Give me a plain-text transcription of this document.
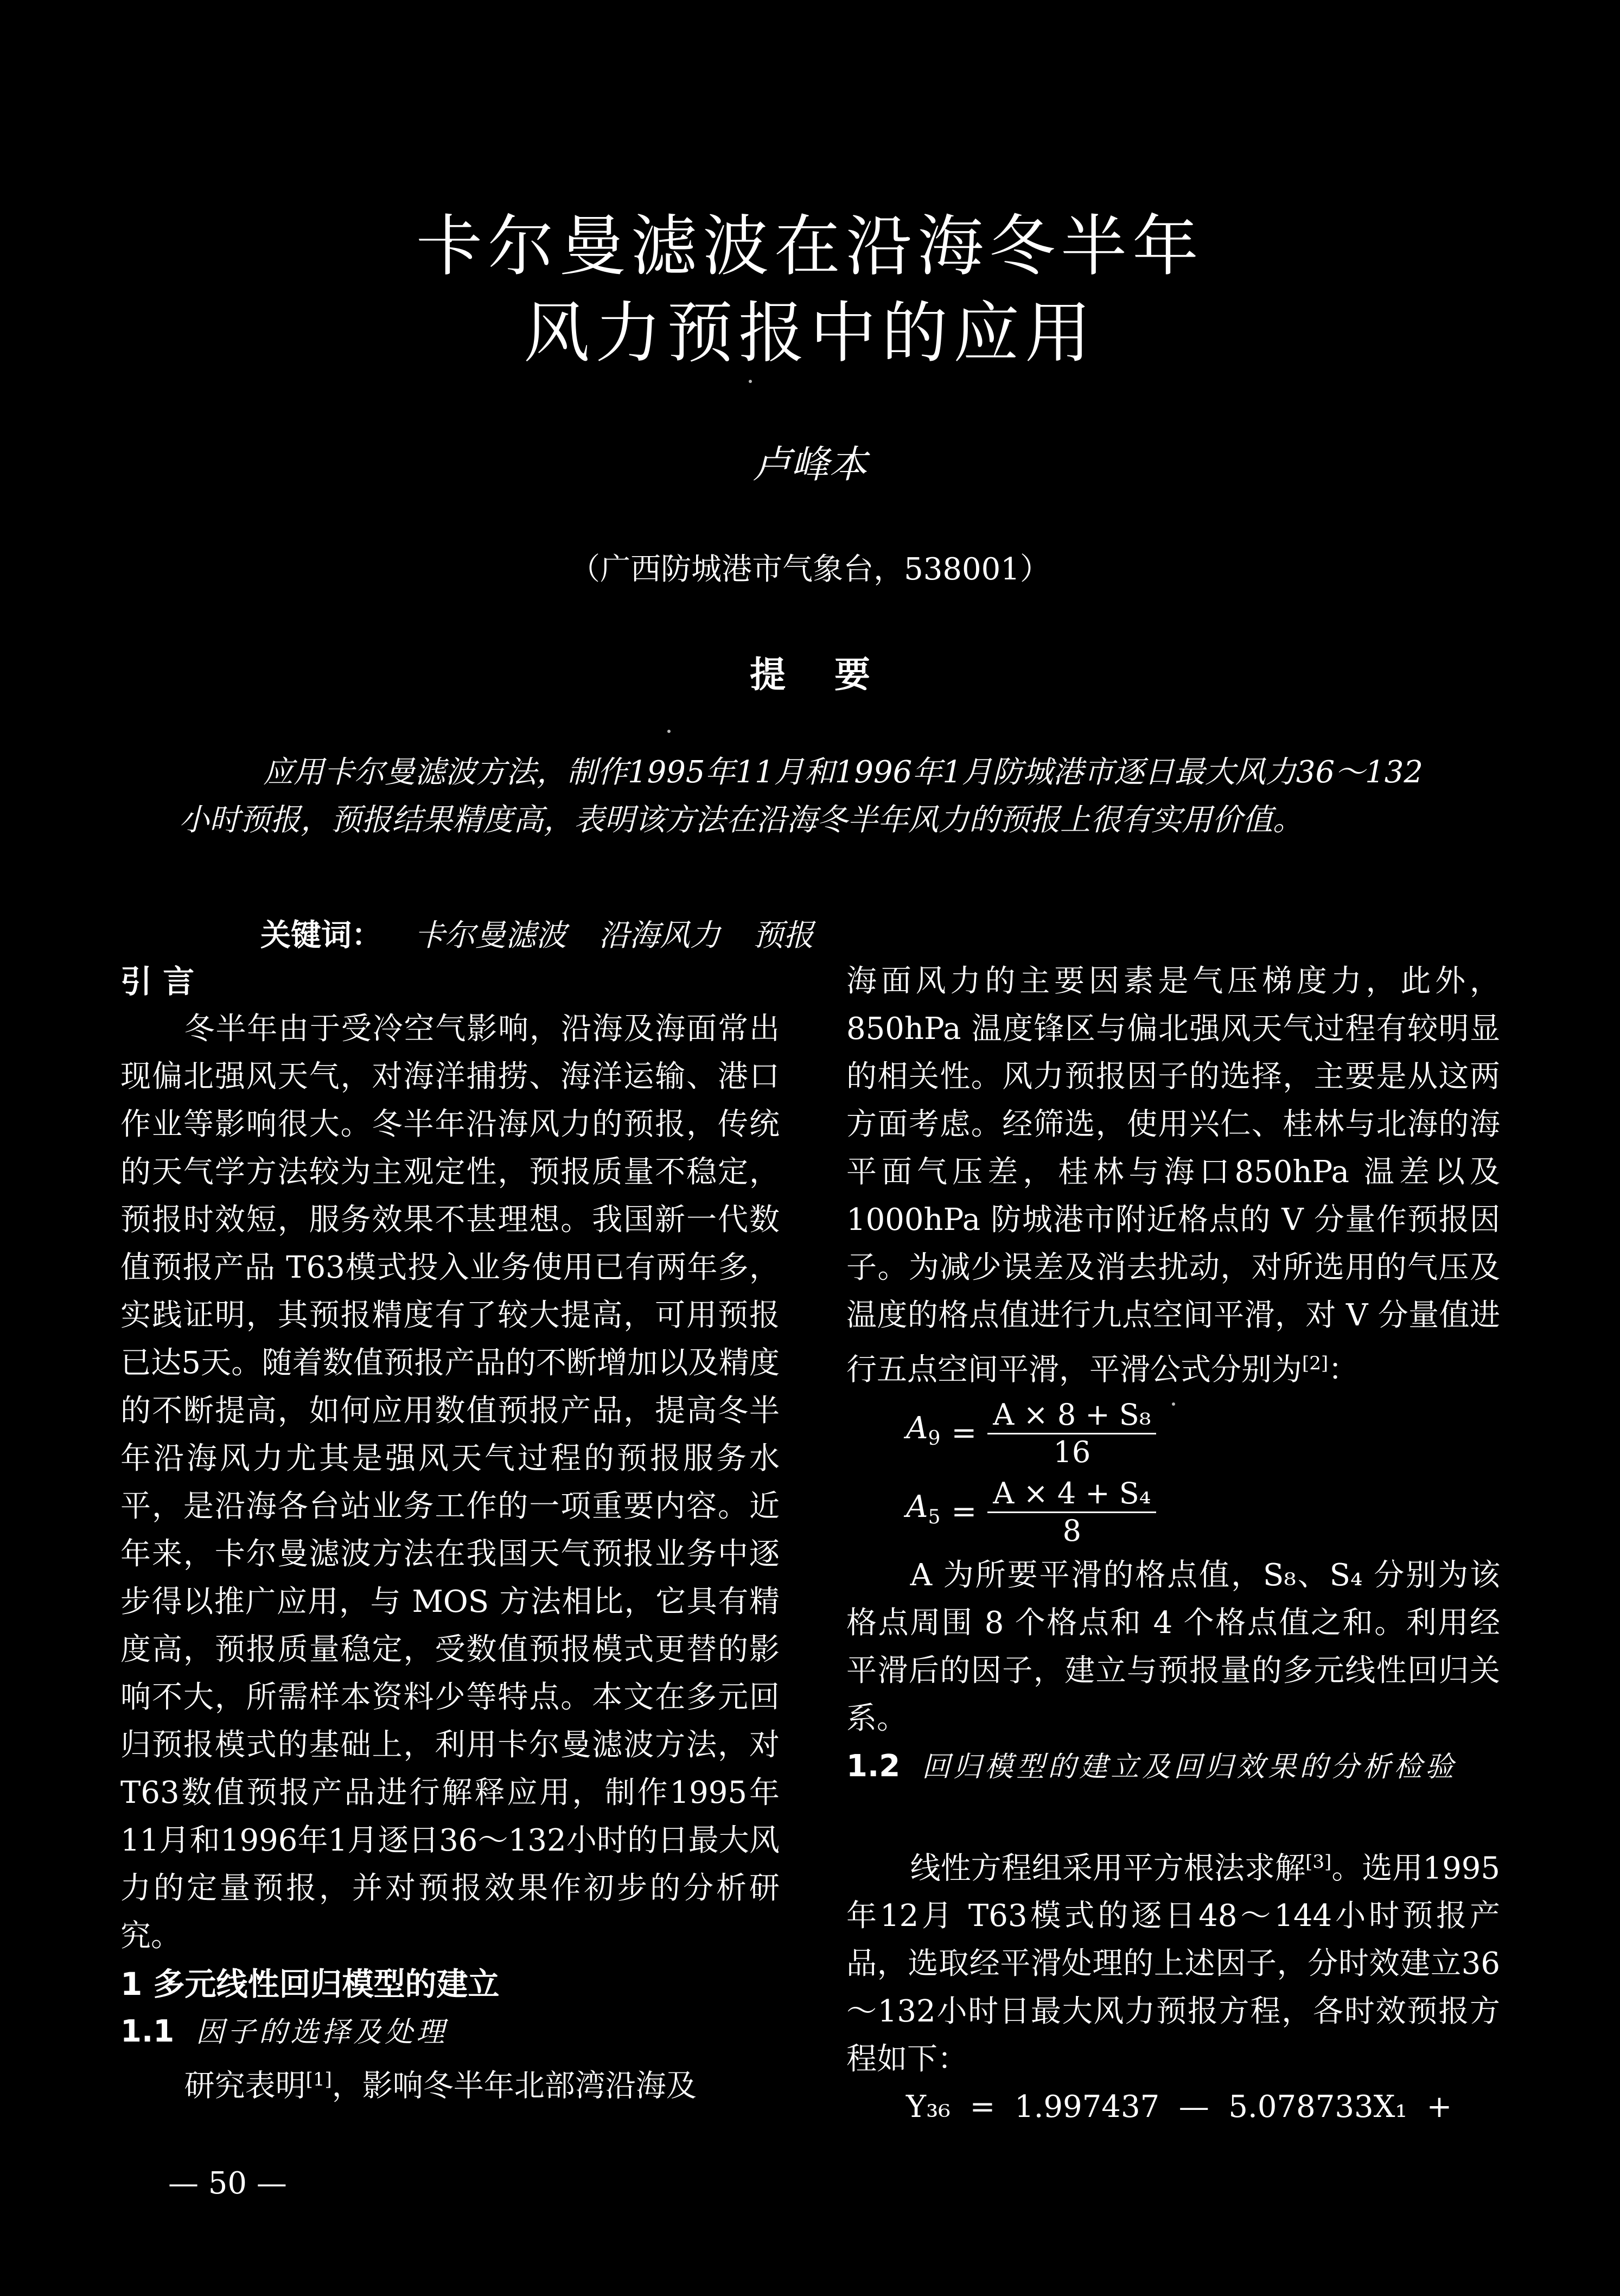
卡尔曼滤波在沿海冬半年
风力预报中的应用
卢峰本
（广西防城港市气象台，538001）
提要
应用卡尔曼滤波方法，制作1995年11月和1996年1月防城港市逐日最大风力36～132小时预报，预报结果精度高，表明该方法在沿海冬半年风力的预报上很有实用价值。
关键词： 卡尔曼滤波 沿海风力 预报
引 言

冬半年由于受冷空气影响，沿海及海面常出现偏北强风天气，对海洋捕捞、海洋运输、港口作业等影响很大。冬半年沿海风力的预报，传统的天气学方法较为主观定性，预报质量不稳定，预报时效短，服务效果不甚理想。我国新一代数值预报产品 T63模式投入业务使用已有两年多，实践证明，其预报精度有了较大提高，可用预报已达5天。随着数值预报产品的不断增加以及精度的不断提高，如何应用数值预报产品，提高冬半年沿海风力尤其是强风天气过程的预报服务水平，是沿海各台站业务工作的一项重要内容。近年来，卡尔曼滤波方法在我国天气预报业务中逐步得以推广应用，与 MOS 方法相比，它具有精度高，预报质量稳定，受数值预报模式更替的影响不大，所需样本资料少等特点。本文在多元回归预报模式的基础上，利用卡尔曼滤波方法，对 T63数值预报产品进行解释应用，制作1995年11月和1996年1月逐日36～132小时的日最大风力的定量预报，并对预报效果作初步的分析研究。

1 多元线性回归模型的建立
1.1 因子的选择及处理

研究表明[1]，影响冬半年北部湾沿海及

海面风力的主要因素是气压梯度力，此外，850hPa 温度锋区与偏北强风天气过程有较明显的相关性。风力预报因子的选择，主要是从这两方面考虑。经筛选，使用兴仁、桂林与北海的海平面气压差，桂林与海口850hPa 温差以及1000hPa 防城港市附近格点的 V 分量作预报因子。为减少误差及消去扰动，对所选用的气压及温度的格点值进行九点空间平滑，对 V 分量值进行五点空间平滑，平滑公式分别为[2]：

$A_9 = \frac{\text{A × 8 + S₈}}{16}$
$A_5 = \frac{\text{A × 4 + S₄}}{8}$

A 为所要平滑的格点值，S₈、S₄ 分别为该格点周围 8 个格点和 4 个格点值之和。利用经平滑后的因子，建立与预报量的多元线性回归关系。

1.2 回归模型的建立及回归效果的分析检验

线性方程组采用平方根法求解[3]。选用1995年12月 T63模式的逐日48～144小时预报产品，选取经平滑处理的上述因子，分时效建立36～132小时日最大风力预报方程，各时效预报方程如下：

Y₃₆  =  1.997437  —  5.078733X₁  +
— 50 —
